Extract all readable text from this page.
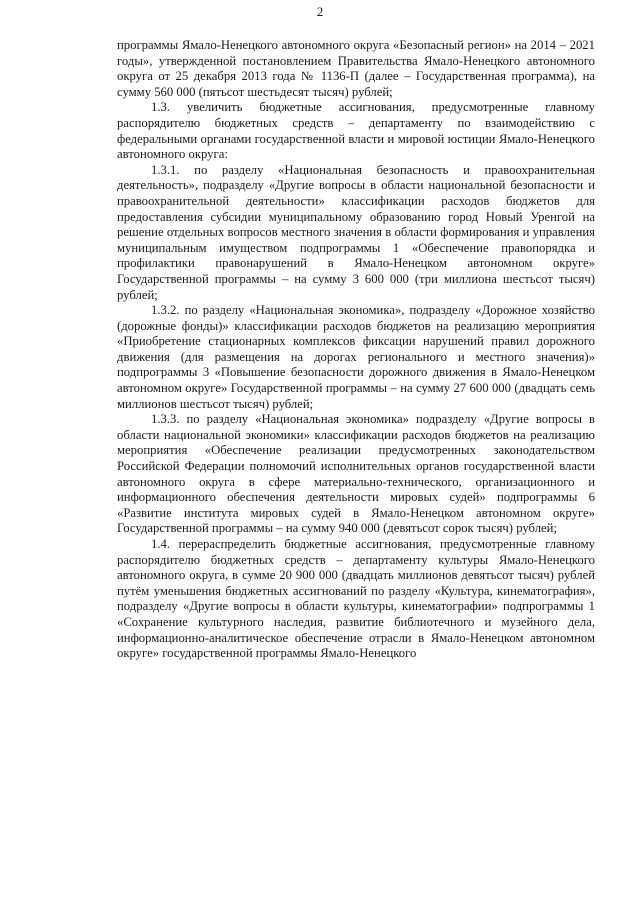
2

программы Ямало-Ненецкого автономного округа «Безопасный регион» на 2014 – 2021 годы», утвержденной постановлением Правительства Ямало-Ненецкого автономного округа от 25 декабря 2013 года № 1136-П (далее – Государственная программа), на сумму 560 000 (пятьсот шестьдесят тысяч) рублей;

1.3. увеличить бюджетные ассигнования, предусмотренные главному распорядителю бюджетных средств – департаменту по взаимодействию с федеральными органами государственной власти и мировой юстиции Ямало-Ненецкого автономного округа:

1.3.1. по разделу «Национальная безопасность и правоохранительная деятельность», подразделу «Другие вопросы в области национальной безопасности и правоохранительной деятельности» классификации расходов бюджетов для предоставления субсидии муниципальному образованию город Новый Уренгой на решение отдельных вопросов местного значения в области формирования и управления муниципальным имуществом подпрограммы 1 «Обеспечение правопорядка и профилактики правонарушений в Ямало-Ненецком автономном округе» Государственной программы – на сумму 3 600 000 (три миллиона шестьсот тысяч) рублей;

1.3.2. по разделу «Национальная экономика», подразделу «Дорожное хозяйство (дорожные фонды)» классификации расходов бюджетов на реализацию мероприятия «Приобретение стационарных комплексов фиксации нарушений правил дорожного движения (для размещения на дорогах регионального и местного значения)» подпрограммы 3 «Повышение безопасности дорожного движения в Ямало-Ненецком автономном округе» Государственной программы – на сумму 27 600 000 (двадцать семь миллионов шестьсот тысяч) рублей;

1.3.3. по разделу «Национальная экономика» подразделу «Другие вопросы в области национальной экономики» классификации расходов бюджетов на реализацию мероприятия «Обеспечение реализации предусмотренных законодательством Российской Федерации полномочий исполнительных органов государственной власти автономного округа в сфере материально-технического, организационного и информационного обеспечения деятельности мировых судей» подпрограммы 6 «Развитие института мировых судей в Ямало-Ненецком автономном округе» Государственной программы – на сумму 940 000 (девятьсот сорок тысяч) рублей;

1.4. перераспределить бюджетные ассигнования, предусмотренные главному распорядителю бюджетных средств – департаменту культуры Ямало-Ненецкого автономного округа, в сумме 20 900 000 (двадцать миллионов девятьсот тысяч) рублей путём уменьшения бюджетных ассигнований по разделу «Культура, кинематография», подразделу «Другие вопросы в области культуры, кинематографии» подпрограммы 1 «Сохранение культурного наследия, развитие библиотечного и музейного дела, информационно-аналитическое обеспечение отрасли в Ямало-Ненецком автономном округе» государственной программы Ямало-Ненецкого
